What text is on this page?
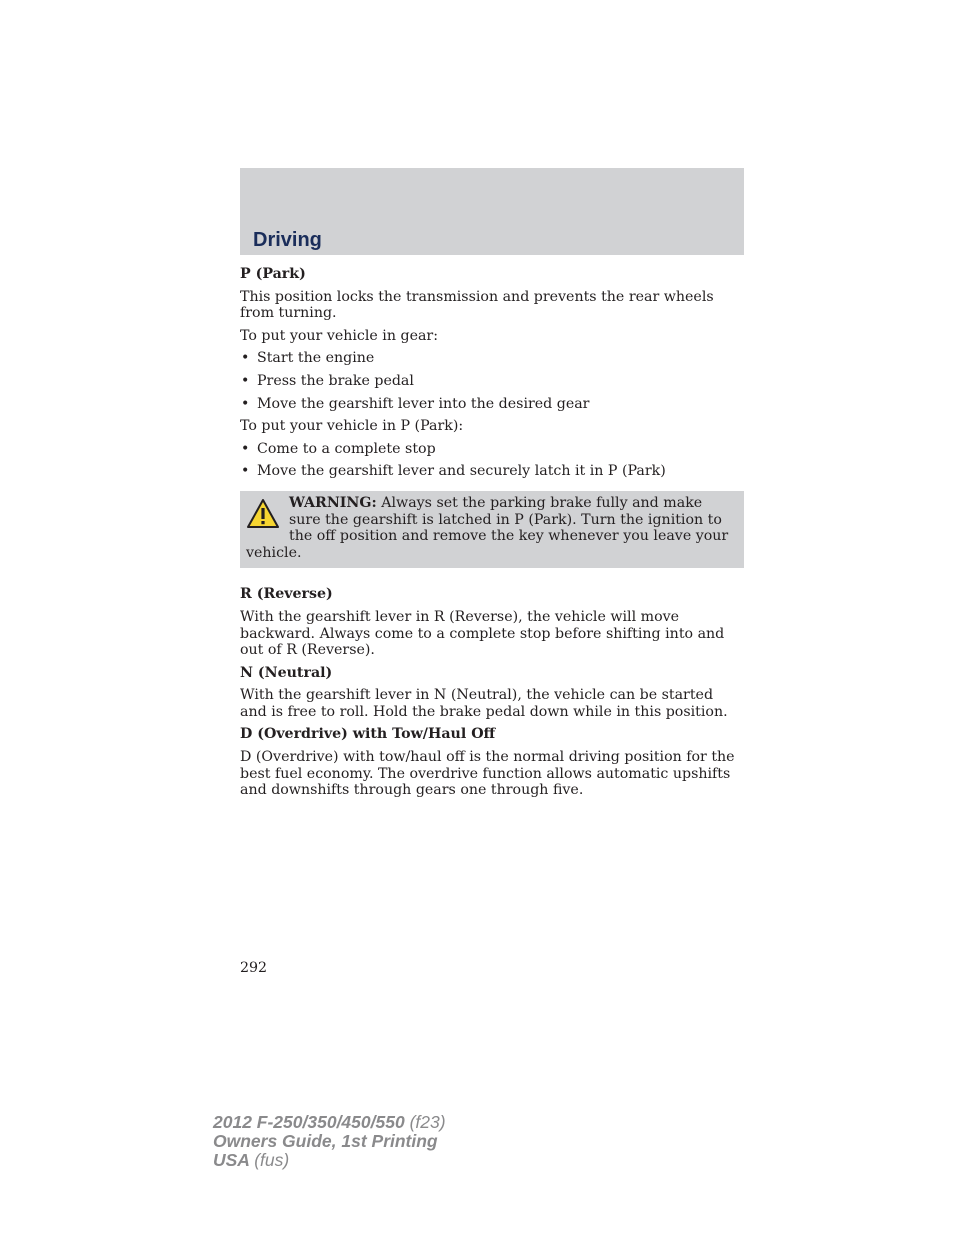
Driving
P (Park)

This position locks the transmission and prevents the rear wheels from turning.

To put your vehicle in gear:

• Start the engine
• Press the brake pedal
• Move the gearshift lever into the desired gear

To put your vehicle in P (Park):

• Come to a complete stop
• Move the gearshift lever and securely latch it in P (Park)
WARNING: Always set the parking brake fully and make sure the gearshift is latched in P (Park). Turn the ignition to the off position and remove the key whenever you leave your vehicle.
R (Reverse)

With the gearshift lever in R (Reverse), the vehicle will move backward. Always come to a complete stop before shifting into and out of R (Reverse).

N (Neutral)

With the gearshift lever in N (Neutral), the vehicle can be started and is free to roll. Hold the brake pedal down while in this position.

D (Overdrive) with Tow/Haul Off

D (Overdrive) with tow/haul off is the normal driving position for the best fuel economy. The overdrive function allows automatic upshifts and downshifts through gears one through five.

292
2012 F-250/350/450/550 (f23)
Owners Guide, 1st Printing
USA (fus)
